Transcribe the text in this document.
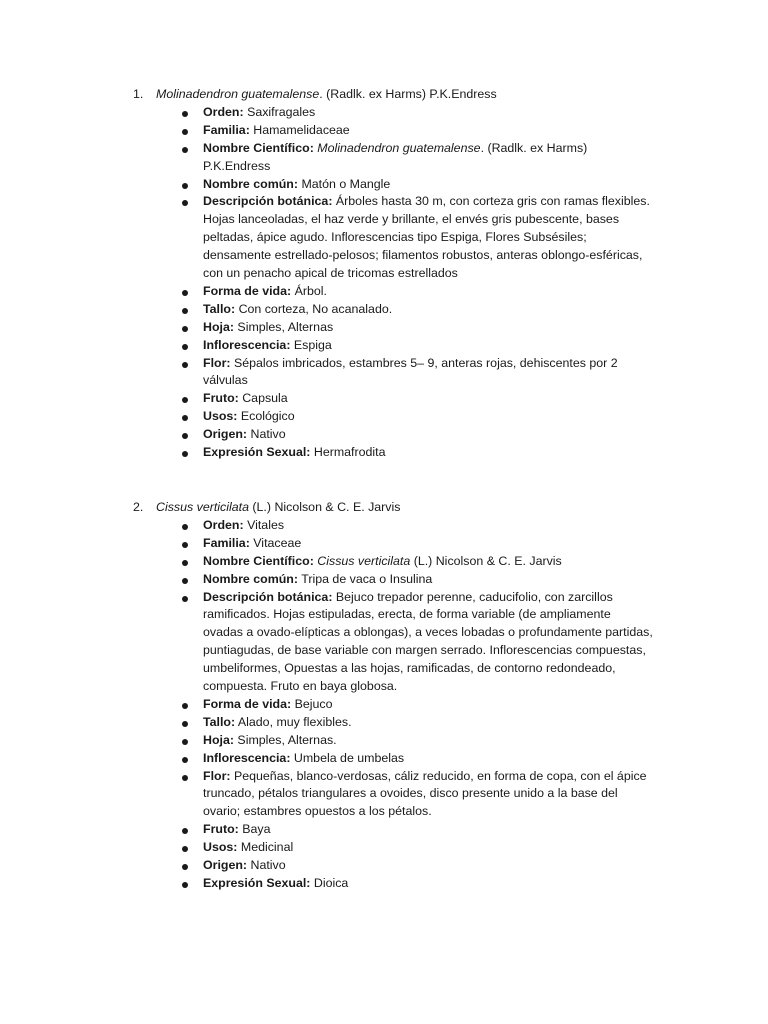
1. Molinadendron guatemalense. (Radlk. ex Harms) P.K.Endress
Orden: Saxifragales
Familia: Hamamelidaceae
Nombre Científico: Molinadendron guatemalense. (Radlk. ex Harms) P.K.Endress
Nombre común: Matón o Mangle
Descripción botánica: Árboles hasta 30 m, con corteza gris con ramas flexibles. Hojas lanceoladas, el haz verde y brillante, el envés gris pubescente, bases peltadas, ápice agudo. Inflorescencias tipo Espiga, Flores Subsésiles; densamente estrellado-pelosos; filamentos robustos, anteras oblongo-esféricas, con un penacho apical de tricomas estrellados
Forma de vida: Árbol.
Tallo: Con corteza, No acanalado.
Hoja: Simples, Alternas
Inflorescencia: Espiga
Flor: Sépalos imbricados, estambres 5– 9, anteras rojas, dehiscentes por 2 válvulas
Fruto: Capsula
Usos: Ecológico
Origen: Nativo
Expresión Sexual: Hermafrodita
2. Cissus verticilata (L.) Nicolson & C. E. Jarvis
Orden: Vitales
Familia: Vitaceae
Nombre Científico: Cissus verticilata (L.) Nicolson & C. E. Jarvis
Nombre común: Tripa de vaca o Insulina
Descripción botánica: Bejuco trepador perenne, caducifolio, con zarcillos ramificados. Hojas estipuladas, erecta, de forma variable (de ampliamente ovadas a ovado-elípticas a oblongas), a veces lobadas o profundamente partidas, puntiagudas, de base variable con margen serrado. Inflorescencias compuestas, umbeliformes, Opuestas a las hojas, ramificadas, de contorno redondeado, compuesta. Fruto en baya globosa.
Forma de vida: Bejuco
Tallo: Alado, muy flexibles.
Hoja: Simples, Alternas.
Inflorescencia: Umbela de umbelas
Flor: Pequeñas, blanco-verdosas, cáliz reducido, en forma de copa, con el ápice truncado, pétalos triangulares a ovoides, disco presente unido a la base del ovario; estambres opuestos a los pétalos.
Fruto: Baya
Usos: Medicinal
Origen: Nativo
Expresión Sexual: Dioica
